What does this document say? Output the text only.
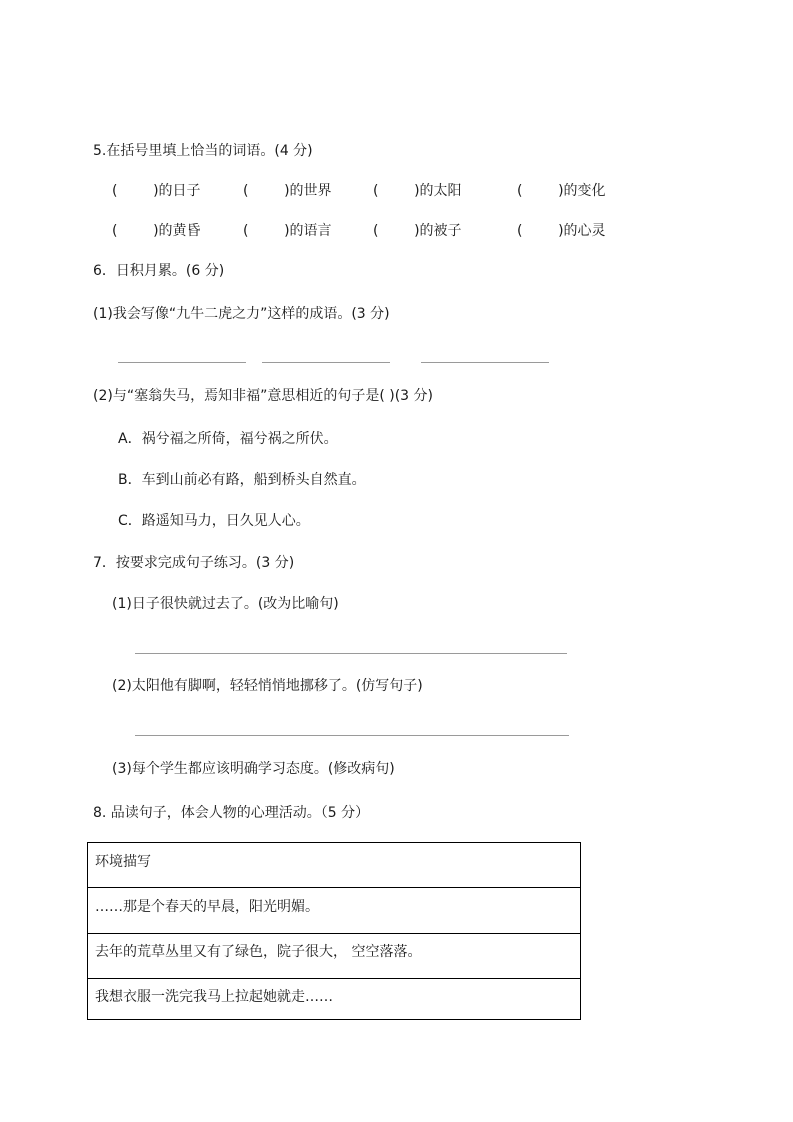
5.在括号里填上恰当的词语。(4 分)
(        )的日子	(        )的世界	(        )的太阳	(        )的变化
(        )的黄昏	(        )的语言	(        )的被子	(        )的心灵
6．日积月累。(6 分)
(1)我会写像“九牛二虎之力”这样的成语。(3 分)
(2)与“塞翁失马，焉知非福”意思相近的句子是( )(3 分)
A．祸兮福之所倚，福兮祸之所伏。
B．车到山前必有路，船到桥头自然直。
C．路遥知马力，日久见人心。
7．按要求完成句子练习。(3 分)
(1)日子很快就过去了。(改为比喻句)
(2)太阳他有脚啊，轻轻悄悄地挪移了。(仿写句子)
(3)每个学生都应该明确学习态度。(修改病句)
8. 品读句子，体会人物的心理活动。（5 分）
环境描写
……那是个春天的早晨，阳光明媚。
去年的荒草丛里又有了绿色，院子很大， 空空落落。
我想衣服一洗完我马上拉起她就走……
